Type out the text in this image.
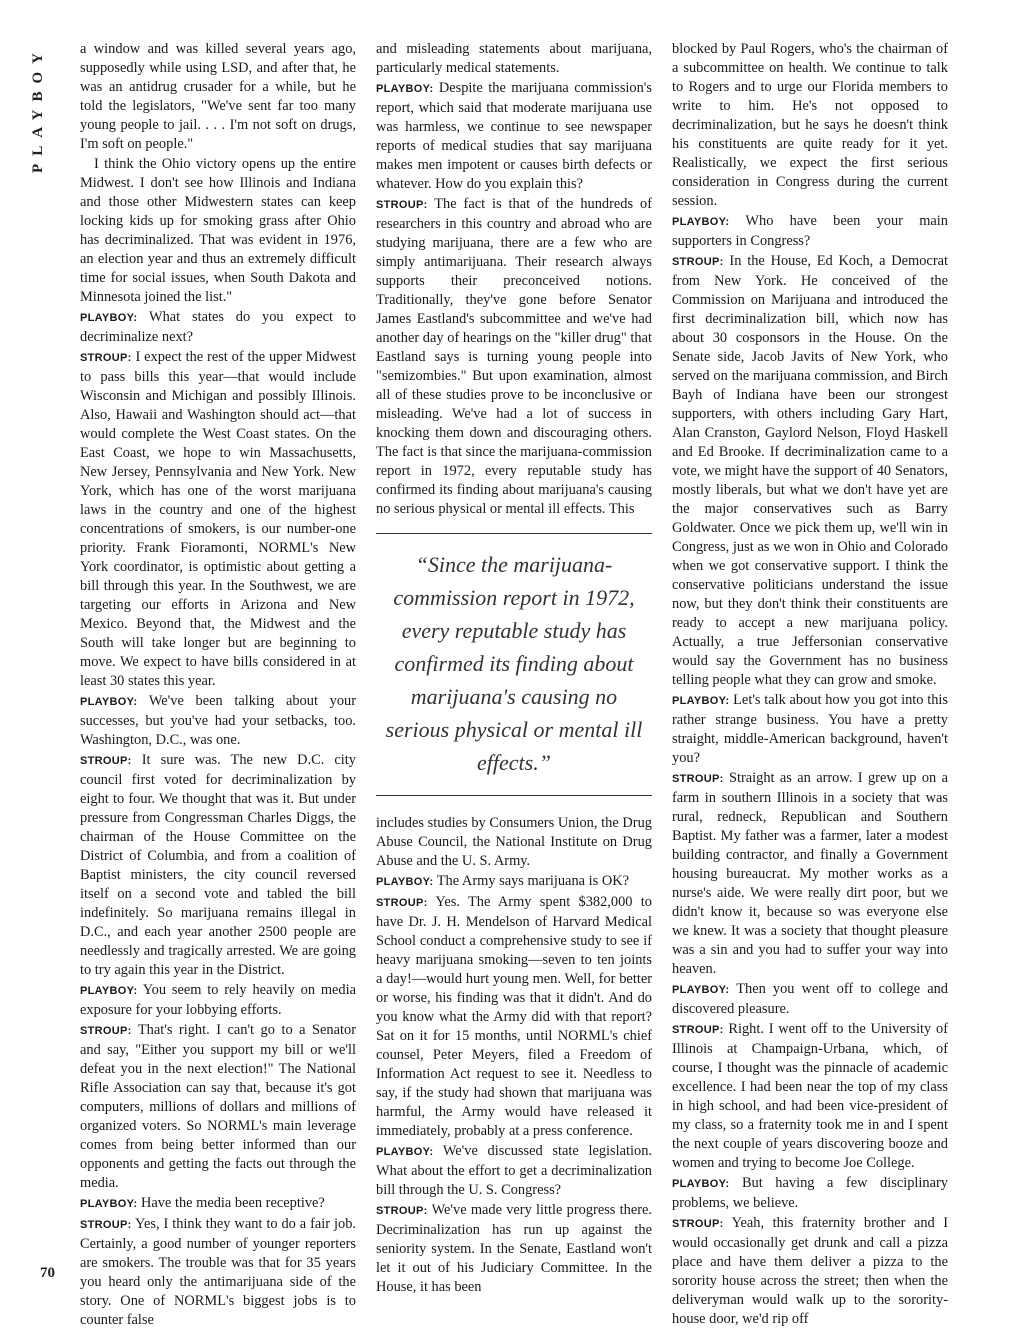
PLAYBOY
70

a window and was killed several years ago, supposedly while using LSD, and after that, he was an antidrug crusader for a while, but he told the legislators, "We've sent far too many young people to jail. . . . I'm not soft on drugs, I'm soft on people."

I think the Ohio victory opens up the entire Midwest. I don't see how Illinois and Indiana and those other Midwestern states can keep locking kids up for smoking grass after Ohio has decriminalized. That was evident in 1976, an election year and thus an extremely difficult time for social issues, when South Dakota and Minnesota joined the list."

PLAYBOY: What states do you expect to decriminalize next?

STROUP: I expect the rest of the upper Midwest to pass bills this year—that would include Wisconsin and Michigan and possibly Illinois. Also, Hawaii and Washington should act—that would complete the West Coast states. On the East Coast, we hope to win Massachusetts, New Jersey, Pennsylvania and New York. New York, which has one of the worst marijuana laws in the country and one of the highest concentrations of smokers, is our number-one priority. Frank Fioramonti, NORML's New York coordinator, is optimistic about getting a bill through this year. In the Southwest, we are targeting our efforts in Arizona and New Mexico. Beyond that, the Midwest and the South will take longer but are beginning to move. We expect to have bills considered in at least 30 states this year.

PLAYBOY: We've been talking about your successes, but you've had your setbacks, too. Washington, D.C., was one.

STROUP: It sure was. The new D.C. city council first voted for decriminalization by eight to four. We thought that was it. But under pressure from Congressman Charles Diggs, the chairman of the House Committee on the District of Columbia, and from a coalition of Baptist ministers, the city council reversed itself on a second vote and tabled the bill indefinitely. So marijuana remains illegal in D.C., and each year another 2500 people are needlessly and tragically arrested. We are going to try again this year in the District.

PLAYBOY: You seem to rely heavily on media exposure for your lobbying efforts.

STROUP: That's right. I can't go to a Senator and say, "Either you support my bill or we'll defeat you in the next election!" The National Rifle Association can say that, because it's got computers, millions of dollars and millions of organized voters. So NORML's main leverage comes from being better informed than our opponents and getting the facts out through the media.

PLAYBOY: Have the media been receptive?

STROUP: Yes, I think they want to do a fair job. Certainly, a good number of younger reporters are smokers. The trouble was that for 35 years you heard only the antimarijuana side of the story. One of NORML's biggest jobs is to counter false

and misleading statements about marijuana, particularly medical statements.

PLAYBOY: Despite the marijuana commission's report, which said that moderate marijuana use was harmless, we continue to see newspaper reports of medical studies that say marijuana makes men impotent or causes birth defects or whatever. How do you explain this?

STROUP: The fact is that of the hundreds of researchers in this country and abroad who are studying marijuana, there are a few who are simply antimarijuana. Their research always supports their preconceived notions. Traditionally, they've gone before Senator James Eastland's subcommittee and we've had another day of hearings on the "killer drug" that Eastland says is turning young people into "semizombies." But upon examination, almost all of these studies prove to be inconclusive or misleading. We've had a lot of success in knocking them down and discouraging others. The fact is that since the marijuana-commission report in 1972, every reputable study has confirmed its finding about marijuana's causing no serious physical or mental ill effects. This

“Since the marijuana-commission report in 1972, every reputable study has confirmed its finding about marijuana's causing no serious physical or mental ill effects.”

includes studies by Consumers Union, the Drug Abuse Council, the National Institute on Drug Abuse and the U. S. Army.

PLAYBOY: The Army says marijuana is OK?

STROUP: Yes. The Army spent $382,000 to have Dr. J. H. Mendelson of Harvard Medical School conduct a comprehensive study to see if heavy marijuana smoking—seven to ten joints a day!—would hurt young men. Well, for better or worse, his finding was that it didn't. And do you know what the Army did with that report? Sat on it for 15 months, until NORML's chief counsel, Peter Meyers, filed a Freedom of Information Act request to see it. Needless to say, if the study had shown that marijuana was harmful, the Army would have released it immediately, probably at a press conference.

PLAYBOY: We've discussed state legislation. What about the effort to get a decriminalization bill through the U. S. Congress?

STROUP: We've made very little progress there. Decriminalization has run up against the seniority system. In the Senate, Eastland won't let it out of his Judiciary Committee. In the House, it has been

blocked by Paul Rogers, who's the chairman of a subcommittee on health. We continue to talk to Rogers and to urge our Florida members to write to him. He's not opposed to decriminalization, but he says he doesn't think his constituents are quite ready for it yet. Realistically, we expect the first serious consideration in Congress during the current session.

PLAYBOY: Who have been your main supporters in Congress?

STROUP: In the House, Ed Koch, a Democrat from New York. He conceived of the Commission on Marijuana and introduced the first decriminalization bill, which now has about 30 cosponsors in the House. On the Senate side, Jacob Javits of New York, who served on the marijuana commission, and Birch Bayh of Indiana have been our strongest supporters, with others including Gary Hart, Alan Cranston, Gaylord Nelson, Floyd Haskell and Ed Brooke. If decriminalization came to a vote, we might have the support of 40 Senators, mostly liberals, but what we don't have yet are the major conservatives such as Barry Goldwater. Once we pick them up, we'll win in Congress, just as we won in Ohio and Colorado when we got conservative support. I think the conservative politicians understand the issue now, but they don't think their constituents are ready to accept a new marijuana policy. Actually, a true Jeffersonian conservative would say the Government has no business telling people what they can grow and smoke.

PLAYBOY: Let's talk about how you got into this rather strange business. You have a pretty straight, middle-American background, haven't you?

STROUP: Straight as an arrow. I grew up on a farm in southern Illinois in a society that was rural, redneck, Republican and Southern Baptist. My father was a farmer, later a modest building contractor, and finally a Government housing bureaucrat. My mother works as a nurse's aide. We were really dirt poor, but we didn't know it, because so was everyone else we knew. It was a society that thought pleasure was a sin and you had to suffer your way into heaven.

PLAYBOY: Then you went off to college and discovered pleasure.

STROUP: Right. I went off to the University of Illinois at Champaign-Urbana, which, of course, I thought was the pinnacle of academic excellence. I had been near the top of my class in high school, and had been vice-president of my class, so a fraternity took me in and I spent the next couple of years discovering booze and women and trying to become Joe College.

PLAYBOY: But having a few disciplinary problems, we believe.

STROUP: Yeah, this fraternity brother and I would occasionally get drunk and call a pizza place and have them deliver a pizza to the sorority house across the street; then when the deliveryman would walk up to the sorority-house door, we'd rip off
